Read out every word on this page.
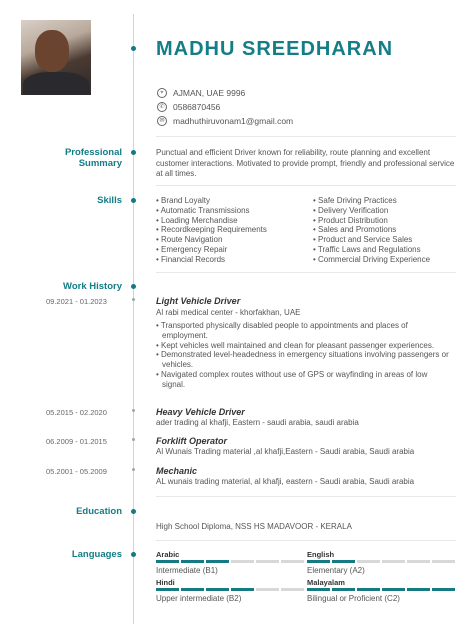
MADHU SREEDHARAN
⌖	AJMAN, UAE 9996
✆ 0586870456
✉ madhuthiruvonam1@gmail.com
Professional
Summary
Punctual and efficient Driver known for reliability, route planning and excellent customer interactions. Motivated to provide prompt, friendly and professional service at all times.
Skills
•	Brand Loyalty
• Automatic Transmissions
• Loading Merchandise
• Recordkeeping Requirements
• Route Navigation
• Emergency Repair
• Financial Records
• Safe Driving Practices
• Delivery Verification
• Product Distribution
• Sales and Promotions
• Product and Service Sales
• Traffic Laws and Regulations
• Commercial Driving Experience
Work History
09.2021 - 01.2023	Light Vehicle Driver
Al rabi medical center - khorfakhan, UAE
• Transported physically disabled people to appointments and places of employment.
• Kept vehicles well maintained and clean for pleasant passenger experiences.
• Demonstrated level-headedness in emergency situations involving passengers or vehicles.
• Navigated complex routes without use of GPS or wayfinding in areas of low signal.
05.2015 - 02.2020	Heavy Vehicle Driver
ader trading al khafji, Eastern - saudi arabia, saudi arabia
06.2009 - 01.2015	Forklift Operator
Al Wunais Trading material ,al khafji,Eastern - Saudi arabia, Saudi arabia
05.2001 - 05.2009	Mechanic
AL wunais trading material, al khafji, eastern - Saudi arabia, Saudi arabia
Education
High School Diploma, NSS HS MADAVOOR - KERALA
Languages	Arabic
Intermediate (B1)
English
Elementary (A2)
Hindi
Upper intermediate (B2)
Malayalam
Bilingual or Proficient (C2)
